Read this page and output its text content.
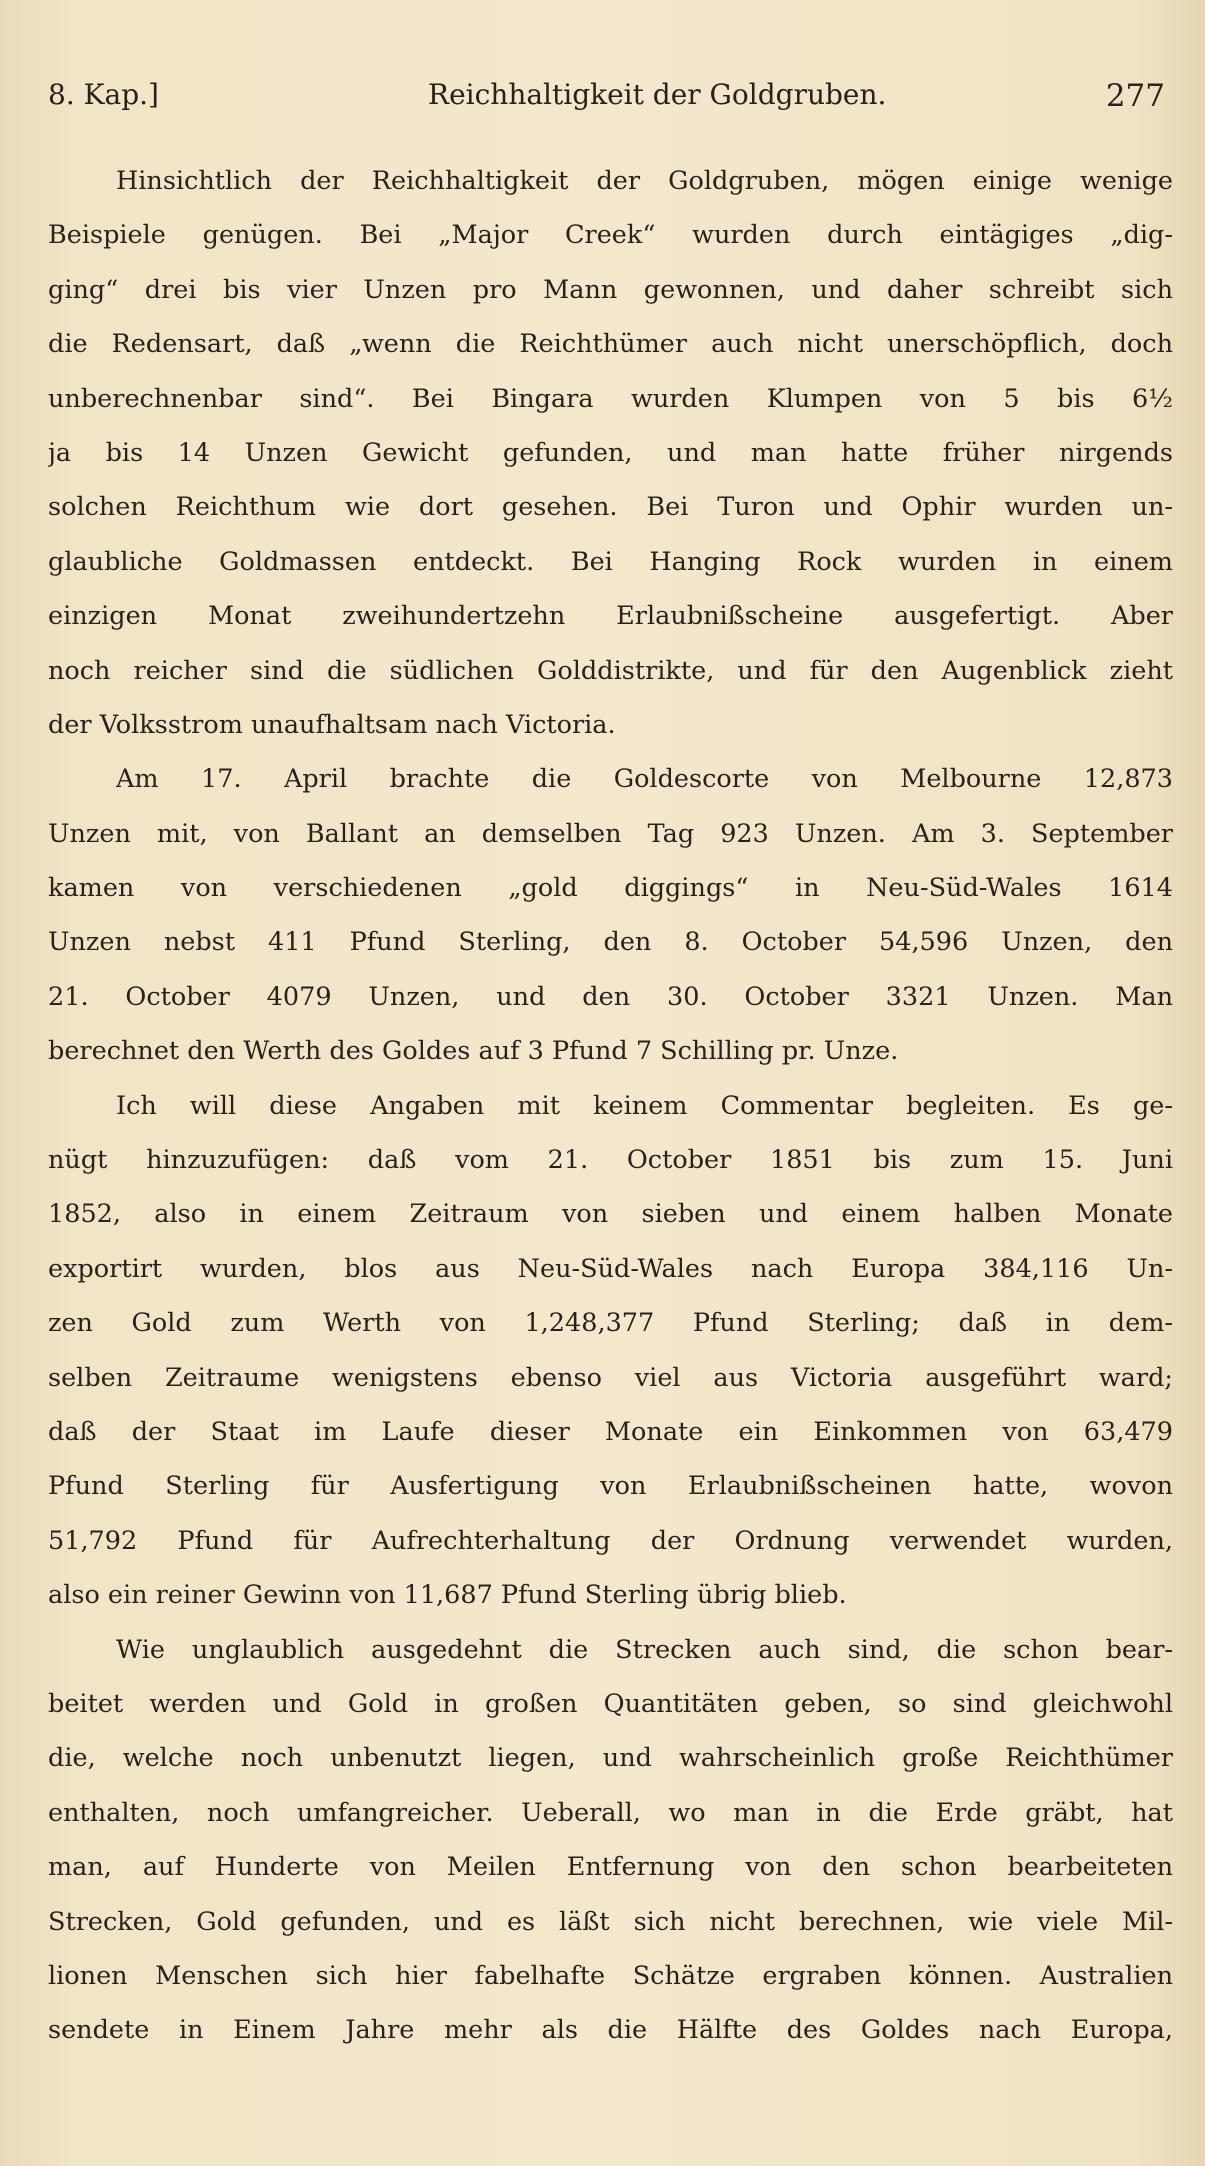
8. Kap.]	Reichhaltigkeit der Goldgruben.	277
Hinsichtlich der Reichhaltigkeit der Goldgruben, mögen einige wenige
Beispiele genügen. Bei „Major Creek“ wurden durch eintägiges „dig-
ging“ drei bis vier Unzen pro Mann gewonnen, und daher schreibt sich
die Redensart, daß „wenn die Reichthümer auch nicht unerschöpflich, doch
unberechnenbar sind“. Bei Bingara wurden Klumpen von 5 bis 6½
ja bis 14 Unzen Gewicht gefunden, und man hatte früher nirgends
solchen Reichthum wie dort gesehen. Bei Turon und Ophir wurden un-
glaubliche Goldmassen entdeckt. Bei Hanging Rock wurden in einem
einzigen Monat zweihundertzehn Erlaubnißscheine ausgefertigt. Aber
noch reicher sind die südlichen Golddistrikte, und für den Augenblick zieht
der Volksstrom unaufhaltsam nach Victoria.
Am 17. April brachte die Goldescorte von Melbourne 12,873
Unzen mit, von Ballant an demselben Tag 923 Unzen. Am 3. September
kamen von verschiedenen „gold diggings“ in Neu-Süd-Wales 1614
Unzen nebst 411 Pfund Sterling, den 8. October 54,596 Unzen, den
21. October 4079 Unzen, und den 30. October 3321 Unzen. Man
berechnet den Werth des Goldes auf 3 Pfund 7 Schilling pr. Unze.
Ich will diese Angaben mit keinem Commentar begleiten. Es ge-
nügt hinzuzufügen: daß vom 21. October 1851 bis zum 15. Juni
1852, also in einem Zeitraum von sieben und einem halben Monate
exportirt wurden, blos aus Neu-Süd-Wales nach Europa 384,116 Un-
zen Gold zum Werth von 1,248,377 Pfund Sterling; daß in dem-
selben Zeitraume wenigstens ebenso viel aus Victoria ausgeführt ward;
daß der Staat im Laufe dieser Monate ein Einkommen von 63,479
Pfund Sterling für Ausfertigung von Erlaubnißscheinen hatte, wovon
51,792 Pfund für Aufrechterhaltung der Ordnung verwendet wurden,
also ein reiner Gewinn von 11,687 Pfund Sterling übrig blieb.
Wie unglaublich ausgedehnt die Strecken auch sind, die schon bear-
beitet werden und Gold in großen Quantitäten geben, so sind gleichwohl
die, welche noch unbenutzt liegen, und wahrscheinlich große Reichthümer
enthalten, noch umfangreicher. Ueberall, wo man in die Erde gräbt, hat
man, auf Hunderte von Meilen Entfernung von den schon bearbeiteten
Strecken, Gold gefunden, und es läßt sich nicht berechnen, wie viele Mil-
lionen Menschen sich hier fabelhafte Schätze ergraben können. Australien
sendete in Einem Jahre mehr als die Hälfte des Goldes nach Europa,
